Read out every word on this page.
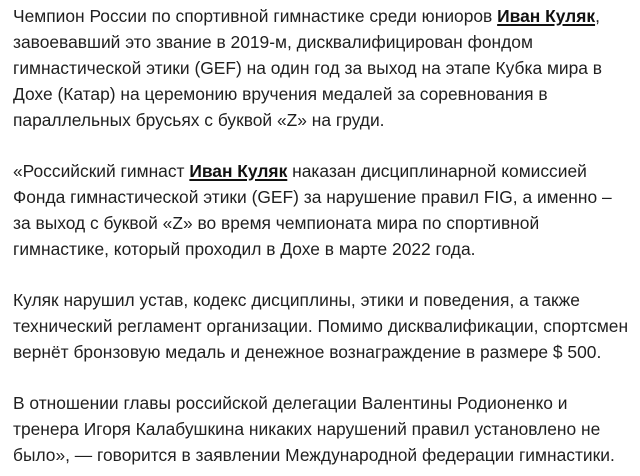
Чемпион России по спортивной гимнастике среди юниоров Иван Куляк, завоевавший это звание в 2019-м, дисквалифицирован фондом гимнастической этики (GEF) на один год за выход на этапе Кубка мира в Дохе (Катар) на церемонию вручения медалей за соревнования в параллельных брусьях с буквой «Z» на груди.

«Российский гимнаст Иван Куляк наказан дисциплинарной комиссией Фонда гимнастической этики (GEF) за нарушение правил FIG, а именно – за выход с буквой «Z» во время чемпионата мира по спортивной гимнастике, который проходил в Дохе в марте 2022 года.

Куляк нарушил устав, кодекс дисциплины, этики и поведения, а также технический регламент организации. Помимо дисквалификации, спортсмен вернёт бронзовую медаль и денежное вознаграждение в размере $ 500.

В отношении главы российской делегации Валентины Родионенко и тренера Игоря Калабушкина никаких нарушений правил установлено не было», — говорится в заявлении Международной федерации гимнастики.
